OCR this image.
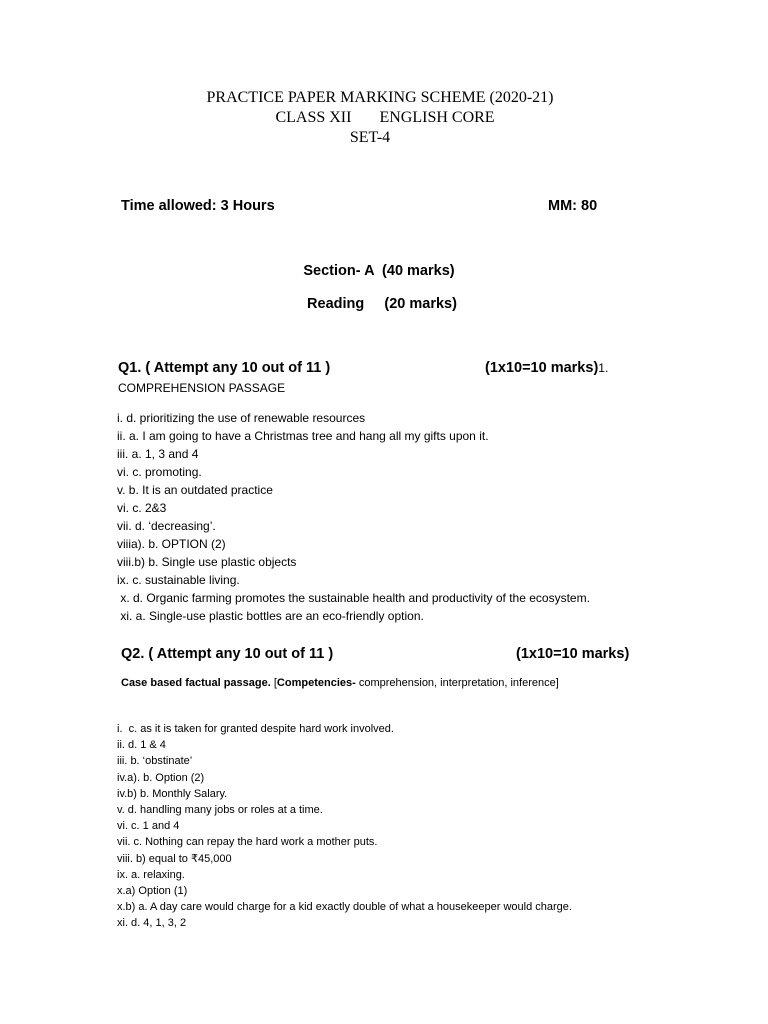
PRACTICE PAPER MARKING SCHEME (2020-21)
CLASS XII ENGLISH CORE
SET-4
Time allowed: 3 Hours	MM: 80
Section- A  (40 marks)
Reading     (20 marks)
Q1. ( Attempt any 10 out of 11 )	(1x10=10 marks)1.
COMPREHENSION PASSAGE
i. d. prioritizing the use of renewable resources
ii. a. I am going to have a Christmas tree and hang all my gifts upon it.
iii. a. 1, 3 and 4
vi. c. promoting.
v. b. It is an outdated practice
vi. c. 2&3
vii. d. ‘decreasing’.
viiia). b. OPTION (2)
viii.b) b. Single use plastic objects
ix. c. sustainable living.
x. d. Organic farming promotes the sustainable health and productivity of the ecosystem.
xi. a. Single-use plastic bottles are an eco-friendly option.
Q2. ( Attempt any 10 out of 11 )	(1x10=10 marks)
Case based factual passage. [Competencies- comprehension, interpretation, inference]
i.  c. as it is taken for granted despite hard work involved.
ii. d. 1 & 4
iii. b. ‘obstinate’
iv.a). b. Option (2)
iv.b) b. Monthly Salary.
v. d. handling many jobs or roles at a time.
vi. c. 1 and 4
vii. c. Nothing can repay the hard work a mother puts.
viii. b) equal to ₹45,000
ix. a. relaxing.
x.a) Option (1)
x.b) a. A day care would charge for a kid exactly double of what a housekeeper would charge.
xi. d. 4, 1, 3, 2
